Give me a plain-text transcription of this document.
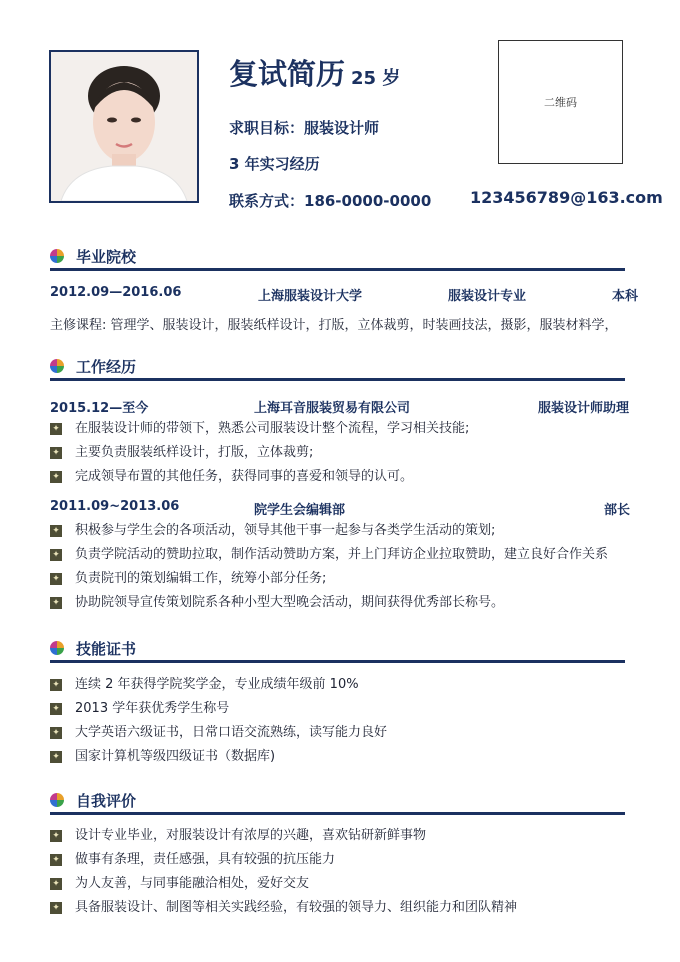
复试简历 25 岁
求职目标：服装设计师
3 年实习经历
联系方式：186-0000-0000 123456789@163.com
二维码
毕业院校
2012.09—2016.06	上海服装设计大学	服装设计专业	本科
主修课程: 管理学、服装设计，服装纸样设计，打版，立体裁剪，时装画技法，摄影，服装材料学，
工作经历
2015.12—至今	上海耳音服装贸易有限公司	服装设计师助理
✦ 在服装设计师的带领下，熟悉公司服装设计整个流程，学习相关技能;
✦ 主要负责服装纸样设计，打版，立体裁剪;
✦ 完成领导布置的其他任务，获得同事的喜爱和领导的认可。
2011.09~2013.06	院学生会编辑部	部长
✦ 积极参与学生会的各项活动，领导其他干事一起参与各类学生活动的策划;
✦ 负责学院活动的赞助拉取，制作活动赞助方案，并上门拜访企业拉取赞助，建立良好合作关系
✦ 负责院刊的策划编辑工作，统筹小部分任务;
✦ 协助院领导宣传策划院系各种小型大型晚会活动，期间获得优秀部长称号。
技能证书
✦ 连续 2 年获得学院奖学金，专业成绩年级前 10%
✦ 2013 学年获优秀学生称号
✦ 大学英语六级证书，日常口语交流熟练，读写能力良好
✦ 国家计算机等级四级证书（数据库)
自我评价
✦ 设计专业毕业，对服装设计有浓厚的兴趣，喜欢钻研新鲜事物
✦ 做事有条理，责任感强，具有较强的抗压能力
✦ 为人友善，与同事能融洽相处，爱好交友
✦ 具备服装设计、制图等相关实践经验，有较强的领导力、组织能力和团队精神
